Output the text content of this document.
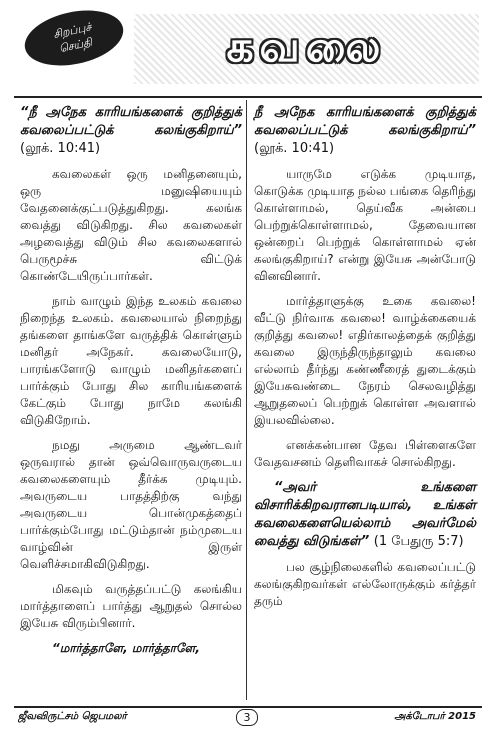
சிறப்புச்
செய்தி	கவலை

“நீ அநேக காரியங்களைக் குறித்துக் கவலைப்பட்டுக் கலங்குகிறாய்” (லூக். 10:41)

கவலைகள் ஒரு மனிதனையும், ஒரு மனுஷியையும் வேதனைக்குட்படுத்துகிறது. கலங்க வைத்து விடுகிறது. சில கவலைகள் அழவைத்து விடும் சில கவலைகளால் பெருமூச்சு விட்டுக் கொண்டேயிருப்பார்கள்.

நாம் வாழும் இந்த உலகம் கவலை நிறைந்த உலகம். கவலையால் நிறைந்து தங்களை தாங்களே வருத்திக் கொள்ளும் மனிதர் அநேகர். கவலையோடு, பாரங்களோடு வாழும் மனிதர்களைப் பார்க்கும் போது சில காரியங்களைக் கேட்கும் போது நாமே கலங்கி விடுகிறோம்.

நமது அருமை ஆண்டவர் ஒருவரால் தான் ஒவ்வொருவருடைய கவலைகளையும் தீர்க்க முடியும். அவருடைய பாதத்திற்கு வந்து அவருடைய பொன்முகத்தைப் பார்க்கும்போது மட்டும்தான் நம்முடைய வாழ்வின் இருள் வெளிச்சமாகிவிடுகிறது.

மிகவும் வருத்தப்பட்டு கலங்கிய மார்த்தாளைப் பார்த்து ஆறுதல் சொல்ல இயேசு விரும்பினார்.

“மார்த்தாளே, மார்த்தாளே,

நீ அநேக காரியங்களைக் குறித்துக் கவலைப்பட்டுக் கலங்குகிறாய்” (லூக். 10:41)

யாருமே எடுக்க முடியாத, கொடுக்க முடியாத நல்ல பங்கை தெரிந்து கொள்ளாமல், தெய்வீக அன்பை பெற்றுக்கொள்ளாமல், தேவையான ஒன்றைப் பெற்றுக் கொள்ளாமல் ஏன் கலங்குகிறாய்? என்று இயேசு அன்போடு வினவினார்.

மார்த்தாளுக்கு உகை கவலை! வீட்டு நிர்வாக கவலை! வாழ்க்கையைக் குறித்து கவலை! எதிர்காலத்தைக் குறித்து கவலை இருந்திருந்தாலும் கவலை எல்லாம் தீர்ந்து கண்ணீரைத் துடைக்கும் இயேசுவண்டை நேரம் செலவழித்து ஆறுதலைப் பெற்றுக் கொள்ள அவளால் இயலவில்லை.

எனக்கன்பான தேவ பிள்ளைகளே வேதவசனம் தெளிவாகச் சொல்கிறது.

“அவர் உங்களை விசாரிக்கிறவரானபடியால், உங்கள் கவலைகளையெல்லாம் அவர்மேல் வைத்து விடுங்கள்” (1 பேதுரு 5:7)

பல சூழ்நிலைகளில் கவலைப்பட்டு கலங்குகிறவர்கள் எல்லோருக்கும் கர்த்தர் தரும்

ஜீவவிருட்சம் ஜெபமலர்	3	அக்டோபர் 2015
